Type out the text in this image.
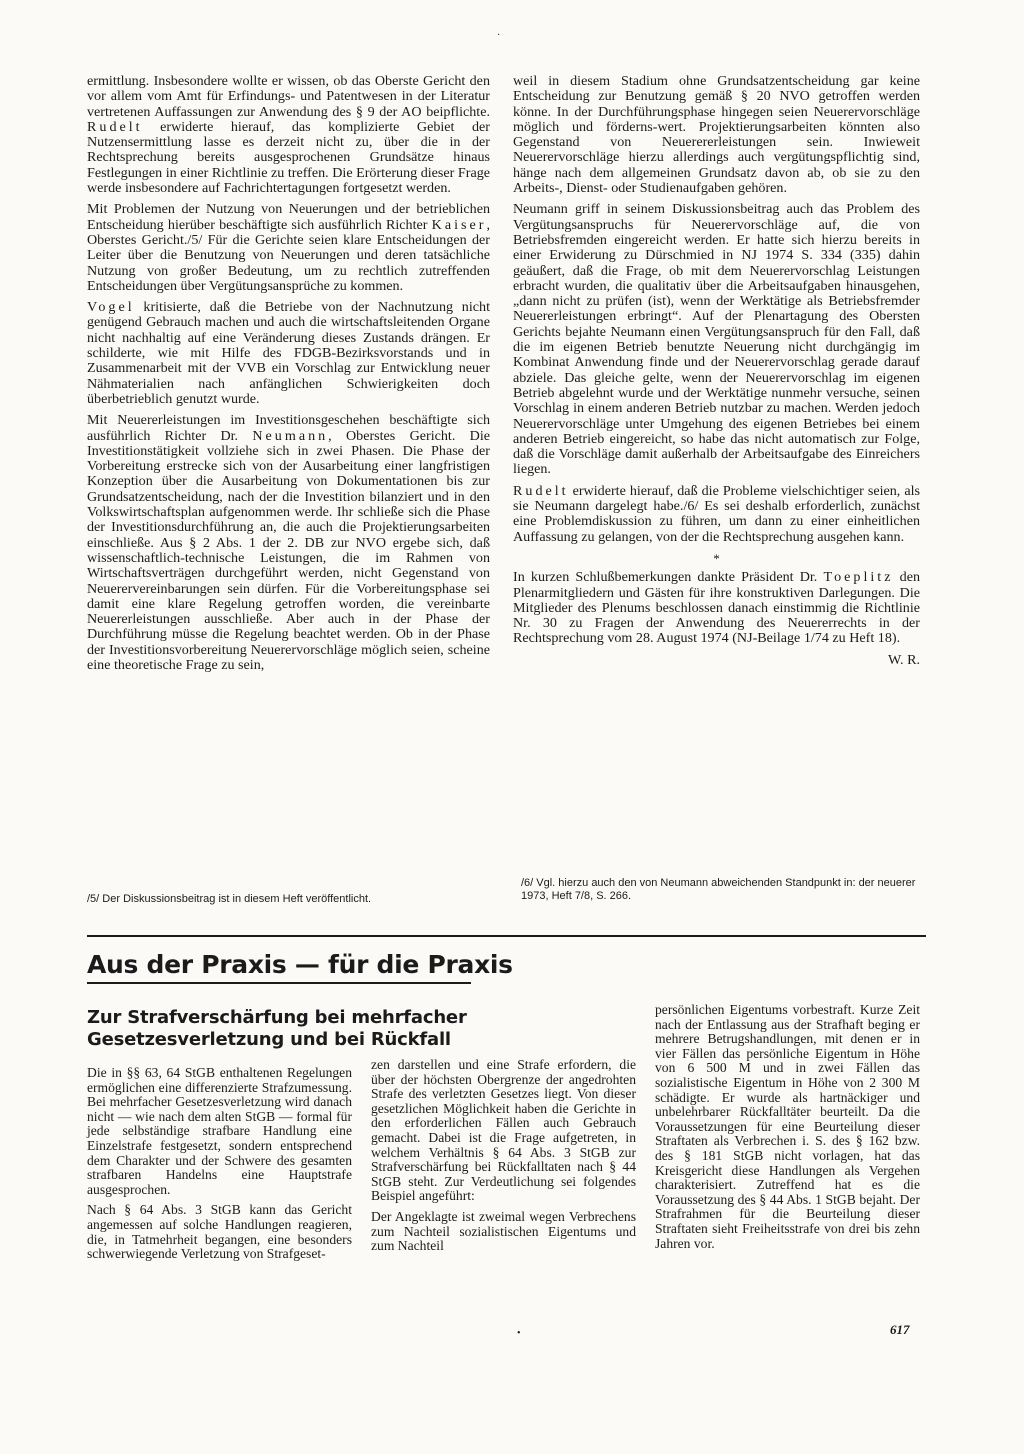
·

ermittlung. Insbesondere wollte er wissen, ob das Oberste Gericht den vor allem vom Amt für Erfindungs- und Patentwesen in der Literatur vertretenen Auffassungen zur Anwendung des § 9 der AO beipflichte. Rudelt erwiderte hierauf, das komplizierte Gebiet der Nutzensermittlung lasse es derzeit nicht zu, über die in der Rechtsprechung bereits ausgesprochenen Grundsätze hinaus Festlegungen in einer Richtlinie zu treffen. Die Erörterung dieser Frage werde insbesondere auf Fachrichtertagungen fortgesetzt werden.

Mit Problemen der Nutzung von Neuerungen und der betrieblichen Entscheidung hierüber beschäftigte sich ausführlich Richter Kaiser, Oberstes Gericht./5/ Für die Gerichte seien klare Entscheidungen der Leiter über die Benutzung von Neuerungen und deren tatsächliche Nutzung von großer Bedeutung, um zu rechtlich zutreffenden Entscheidungen über Vergütungsansprüche zu kommen.

Vogel kritisierte, daß die Betriebe von der Nachnutzung nicht genügend Gebrauch machen und auch die wirtschaftsleitenden Organe nicht nachhaltig auf eine Veränderung dieses Zustands drängen. Er schilderte, wie mit Hilfe des FDGB-Bezirksvorstands und in Zusammenarbeit mit der VVB ein Vorschlag zur Entwicklung neuer Nähmaterialien nach anfänglichen Schwierigkeiten doch überbetrieblich genutzt wurde.

Mit Neuererleistungen im Investitionsgeschehen beschäftigte sich ausführlich Richter Dr. Neumann, Oberstes Gericht. Die Investitionstätigkeit vollziehe sich in zwei Phasen. Die Phase der Vorbereitung erstrecke sich von der Ausarbeitung einer langfristigen Konzeption über die Ausarbeitung von Dokumentationen bis zur Grundsatzentscheidung, nach der die Investition bilanziert und in den Volkswirtschaftsplan aufgenommen werde. Ihr schließe sich die Phase der Investitionsdurchführung an, die auch die Projektierungsarbeiten einschließe. Aus § 2 Abs. 1 der 2. DB zur NVO ergebe sich, daß wissenschaftlich-technische Leistungen, die im Rahmen von Wirtschaftsverträgen durchgeführt werden, nicht Gegenstand von Neuerervereinbarungen sein dürfen. Für die Vorbereitungsphase sei damit eine klare Regelung getroffen worden, die vereinbarte Neuererleistungen ausschließe. Aber auch in der Phase der Durchführung müsse die Regelung beachtet werden. Ob in der Phase der Investitionsvorbereitung Neuerervorschläge möglich seien, scheine eine theoretische Frage zu sein,

weil in diesem Stadium ohne Grundsatzentscheidung gar keine Entscheidung zur Benutzung gemäß § 20 NVO getroffen werden könne. In der Durchführungsphase hingegen seien Neuerervorschläge möglich und förderns-wert. Projektierungsarbeiten könnten also Gegenstand von Neuerererleistungen sein. Inwieweit Neuerervorschläge hierzu allerdings auch vergütungspflichtig sind, hänge nach dem allgemeinen Grundsatz davon ab, ob sie zu den Arbeits-, Dienst- oder Studienaufgaben gehören.

Neumann griff in seinem Diskussionsbeitrag auch das Problem des Vergütungsanspruchs für Neuerervorschläge auf, die von Betriebsfremden eingereicht werden. Er hatte sich hierzu bereits in einer Erwiderung zu Dürschmied in NJ 1974 S. 334 (335) dahin geäußert, daß die Frage, ob mit dem Neuerervorschlag Leistungen erbracht wurden, die qualitativ über die Arbeitsaufgaben hinausgehen, „dann nicht zu prüfen (ist), wenn der Werktätige als Betriebsfremder Neuererleistungen erbringt“. Auf der Plenartagung des Obersten Gerichts bejahte Neumann einen Vergütungsanspruch für den Fall, daß die im eigenen Betrieb benutzte Neuerung nicht durchgängig im Kombinat Anwendung finde und der Neuerervorschlag gerade darauf abziele. Das gleiche gelte, wenn der Neuerervorschlag im eigenen Betrieb abgelehnt wurde und der Werktätige nunmehr versuche, seinen Vorschlag in einem anderen Betrieb nutzbar zu machen. Werden jedoch Neuerervorschläge unter Umgehung des eigenen Betriebes bei einem anderen Betrieb eingereicht, so habe das nicht automatisch zur Folge, daß die Vorschläge damit außerhalb der Arbeitsaufgabe des Einreichers liegen.

Rudelt erwiderte hierauf, daß die Probleme vielschichtiger seien, als sie Neumann dargelegt habe./6/ Es sei deshalb erforderlich, zunächst eine Problemdiskussion zu führen, um dann zu einer einheitlichen Auffassung zu gelangen, von der die Rechtsprechung ausgehen kann.

*

In kurzen Schlußbemerkungen dankte Präsident Dr. Toeplitz den Plenarmitgliedern und Gästen für ihre konstruktiven Darlegungen. Die Mitglieder des Plenums beschlossen danach einstimmig die Richtlinie Nr. 30 zu Fragen der Anwendung des Neuererrechts in der Rechtsprechung vom 28. August 1974 (NJ-Beilage 1/74 zu Heft 18).

W. R.
/5/ Der Diskussionsbeitrag ist in diesem Heft veröffentlicht.
/6/ Vgl. hierzu auch den von Neumann abweichenden Standpunkt in: der neuerer 1973, Heft 7/8, S. 266.
Aus der Praxis — für die Praxis
Zur Strafverschärfung bei mehrfacher Gesetzesverletzung und bei Rückfall

Die in §§ 63, 64 StGB enthaltenen Regelungen ermöglichen eine differenzierte Strafzumessung. Bei mehrfacher Gesetzesverletzung wird danach nicht — wie nach dem alten StGB — formal für jede selbständige strafbare Handlung eine Einzelstrafe festgesetzt, sondern entsprechend dem Charakter und der Schwere des gesamten strafbaren Handelns eine Hauptstrafe ausgesprochen.

Nach § 64 Abs. 3 StGB kann das Gericht angemessen auf solche Handlungen reagieren, die, in Tatmehrheit begangen, eine besonders schwerwiegende Verletzung von Strafgeset-

zen darstellen und eine Strafe erfordern, die über der höchsten Obergrenze der angedrohten Strafe des verletzten Gesetzes liegt. Von dieser gesetzlichen Möglichkeit haben die Gerichte in den erforderlichen Fällen auch Gebrauch gemacht. Dabei ist die Frage aufgetreten, in welchem Verhältnis § 64 Abs. 3 StGB zur Strafverschärfung bei Rückfalltaten nach § 44 StGB steht. Zur Verdeutlichung sei folgendes Beispiel angeführt:

Der Angeklagte ist zweimal wegen Verbrechens zum Nachteil sozialistischen Eigentums und zum Nachteil

persönlichen Eigentums vorbestraft. Kurze Zeit nach der Entlassung aus der Strafhaft beging er mehrere Betrugshandlungen, mit denen er in vier Fällen das persönliche Eigentum in Höhe von 6 500 M und in zwei Fällen das sozialistische Eigentum in Höhe von 2 300 M schädigte. Er wurde als hartnäckiger und unbelehrbarer Rückfalltäter beurteilt. Da die Voraussetzungen für eine Beurteilung dieser Straftaten als Verbrechen i. S. des § 162 bzw. des § 181 StGB nicht vorlagen, hat das Kreisgericht diese Handlungen als Vergehen charakterisiert. Zutreffend hat es die Voraussetzung des § 44 Abs. 1 StGB bejaht. Der Strafrahmen für die Beurteilung dieser Straftaten sieht Freiheitsstrafe von drei bis zehn Jahren vor.

•	617
